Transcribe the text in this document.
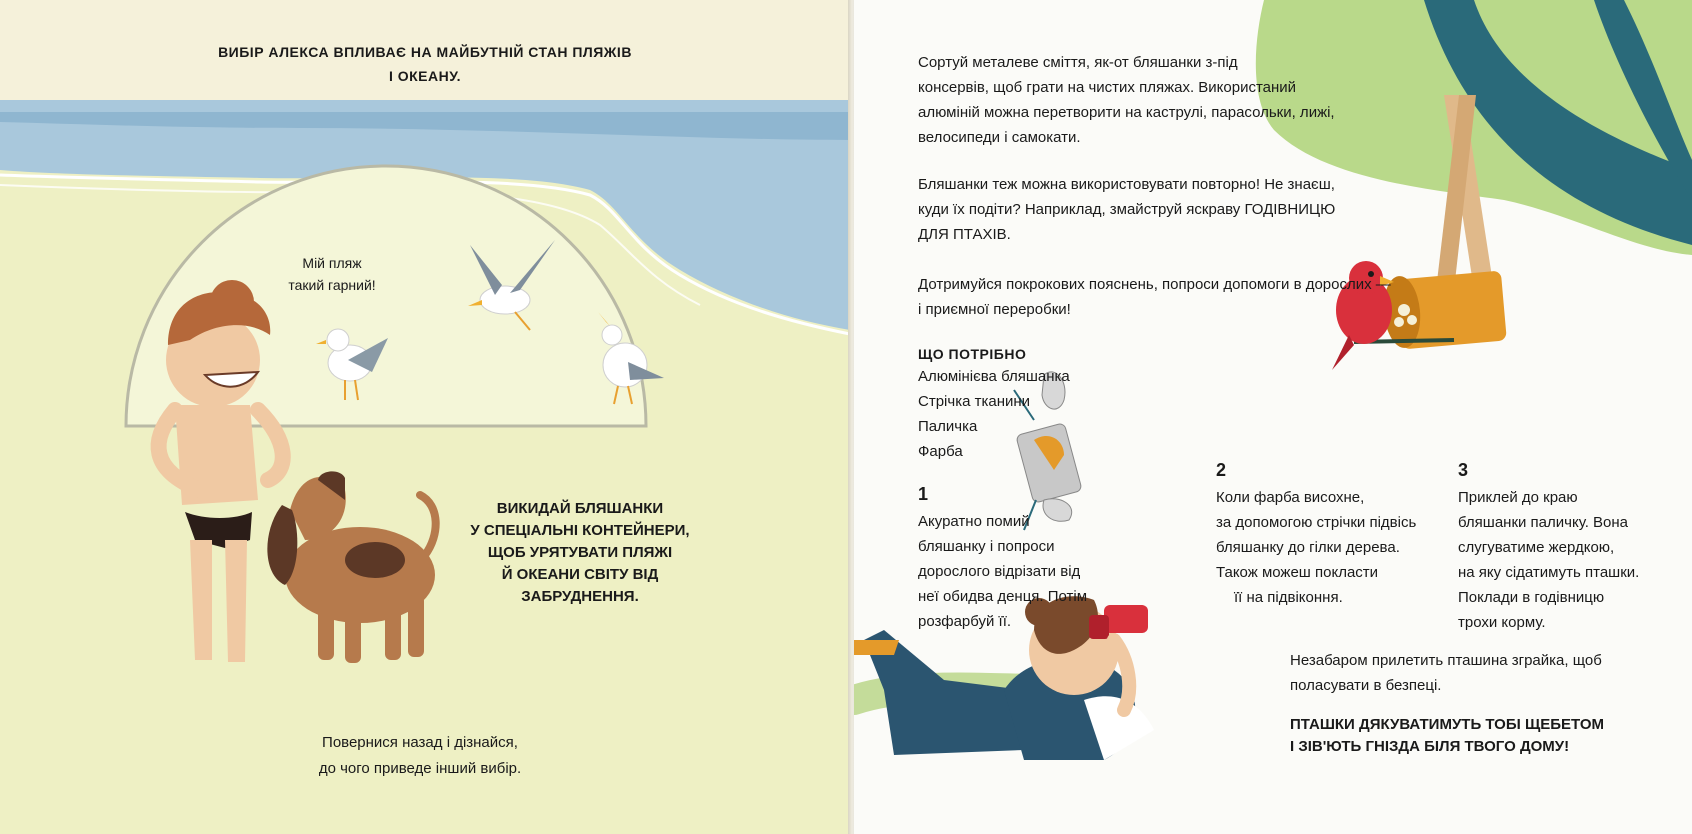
ВИБІР АЛЕКСА ВПЛИВАЄ НА МАЙБУТНІЙ СТАН ПЛЯЖІВ
І ОКЕАНУ.
Мій пляж
такий гарний!
ВИКИДАЙ БЛЯШАНКИ
У СПЕЦІАЛЬНІ КОНТЕЙНЕРИ,
ЩОБ УРЯТУВАТИ ПЛЯЖІ
Й ОКЕАНИ СВІТУ ВІД
ЗАБРУДНЕННЯ.
Повернися назад і дізнайся,
до чого приведе інший вибір.
Сортуй металеве сміття, як-от бляшанки з-під
консервів, щоб грати на чистих пляжах. Використаний
алюміній можна перетворити на каструлі, парасольки, лижі,
велосипеди і самокати.
Бляшанки теж можна використовувати повторно! Не знаєш,
куди їх подіти? Наприклад, змайструй яскраву ГОДІВНИЦЮ
ДЛЯ ПТАХІВ.
Дотримуйся покрокових пояснень, попроси допомоги в дорослих —
і приємної переробки!
ЩО ПОТРІБНО
Алюмінієва бляшанка
Стрічка тканини
Паличка
Фарба
1
Акуратно помий
бляшанку і попроси
дорослого відрізати від
неї обидва денця. Потім
розфарбуй її.
2
Коли фарба висохне,
за допомогою стрічки підвісь
бляшанку до гілки дерева.
Також можеш покласти
її на підвіконня.
3
Приклей до краю
бляшанки паличку. Вона
слугуватиме жердкою,
на яку сідатимуть пташки.
Поклади в годівницю
трохи корму.
Незабаром прилетить пташина зграйка, щоб
поласувати в безпеці.
ПТАШКИ ДЯКУВАТИМУТЬ ТОБІ ЩЕБЕТОМ
І ЗІВ'ЮТЬ ГНІЗДА БІЛЯ ТВОГО ДОМУ!
